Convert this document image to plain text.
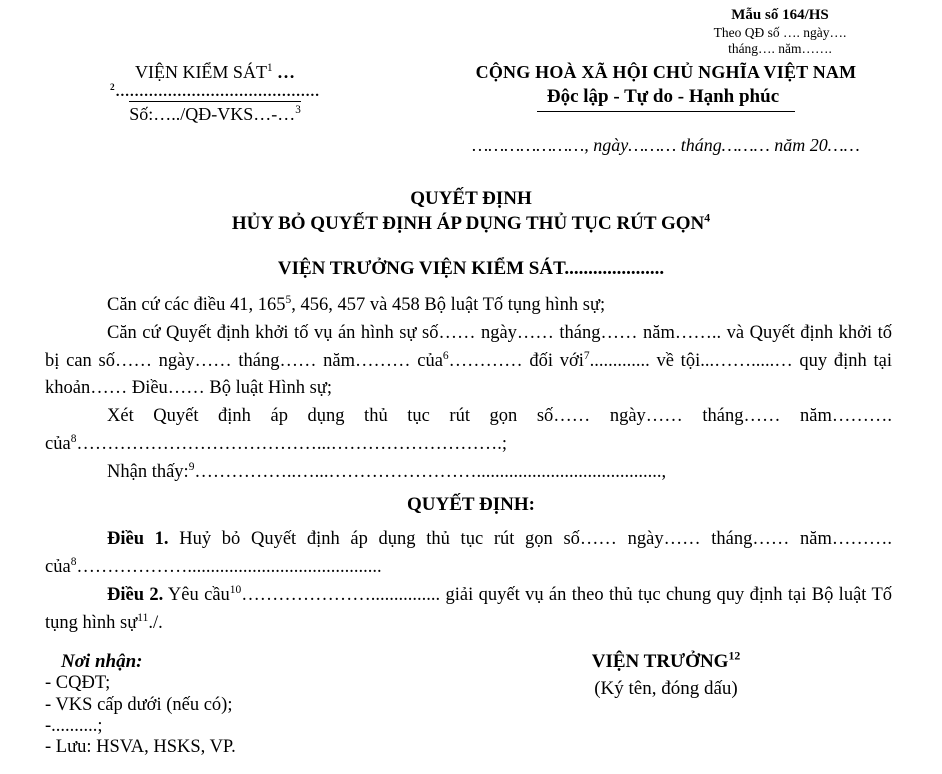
Mẫu số 164/HS
Theo QĐ số …. ngày….
tháng…. năm…….
VIỆN KIỂM SÁT$^1$ …
$^2$...........................................
Số:…../QĐ-VKS…-…$^3$
CỘNG HOÀ XÃ HỘI CHỦ NGHĨA VIỆT NAM
Độc lập - Tự do - Hạnh phúc
…………………, ngày……… tháng……… năm 20……
QUYẾT ĐỊNH
HỦY BỎ QUYẾT ĐỊNH ÁP DỤNG THỦ TỤC RÚT GỌN$^4$
VIỆN TRƯỞNG VIỆN KIỂM SÁT.....................

Căn cứ các điều 41, $165^5$, 456, 457 và 458 Bộ luật Tố tụng hình sự;

Căn cứ Quyết định khởi tố vụ án hình sự số…… ngày…… tháng…… năm…….. và Quyết định khởi tố bị can số…… ngày…… tháng…… năm……… của$^6$………… đối với$^7$............. về tội...…….....… quy định tại khoản…… Điều…… Bộ luật Hình sự;

Xét Quyết định áp dụng thủ tục rút gọn số…… ngày…… tháng…… năm………. của$^8$…………………………………...……………………….;

Nhận thấy:$^9$……………..…...……………………........................................,

QUYẾT ĐỊNH:

Điều 1. Huỷ bỏ Quyết định áp dụng thủ tục rút gọn số…… ngày…… tháng…… năm………. của$^8$………………..........................................

Điều 2. Yêu cầu$^{10}$…………………............... giải quyết vụ án theo thủ tục chung quy định tại Bộ luật Tố tụng hình sự$^{11}$./.

Nơi nhận:
- CQĐT;
- VKS cấp dưới (nếu có);
-..........;
- Lưu: HSVA, HSKS, VP.
VIỆN TRƯỞNG$^{12}$
(Ký tên, đóng dấu)
